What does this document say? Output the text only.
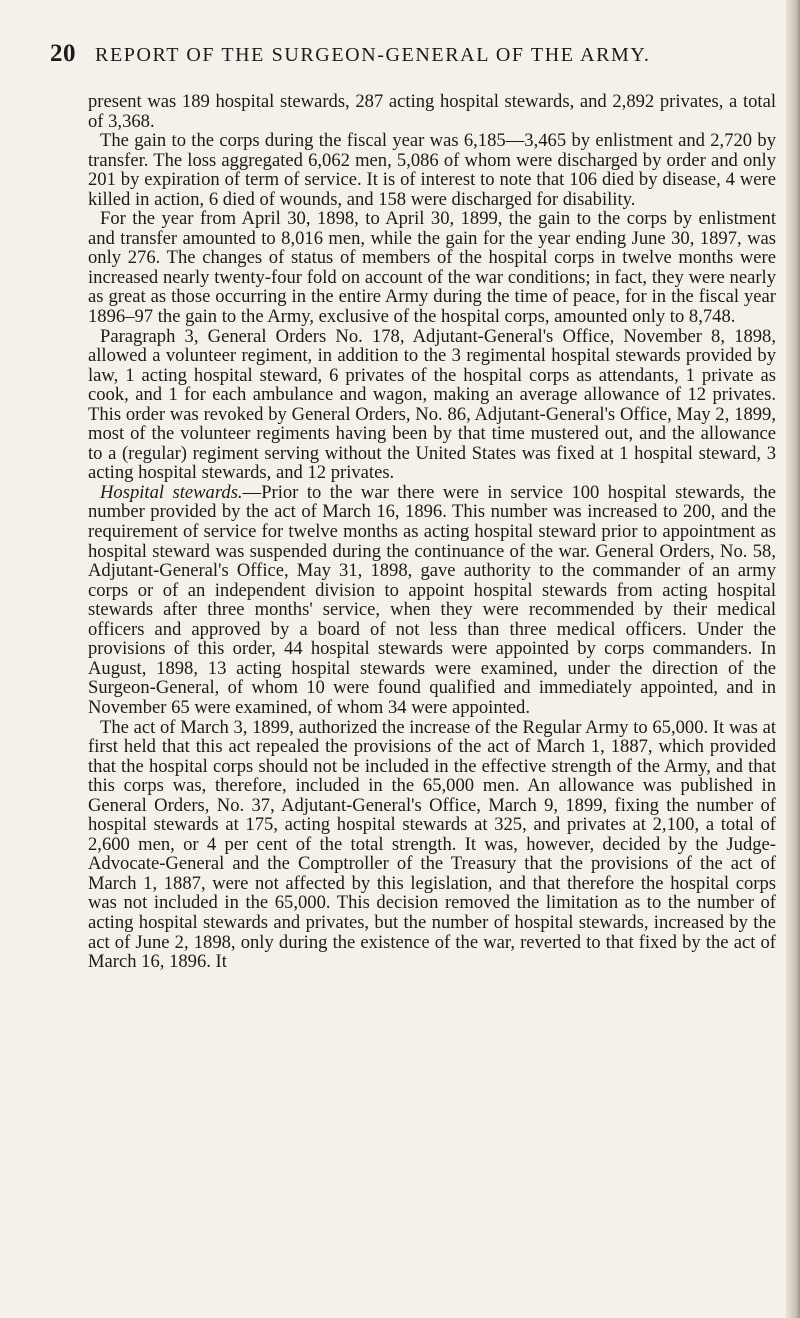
20 REPORT OF THE SURGEON-GENERAL OF THE ARMY.

present was 189 hospital stewards, 287 acting hospital stewards, and 2,892 privates, a total of 3,368.

The gain to the corps during the fiscal year was 6,185—3,465 by enlistment and 2,720 by transfer. The loss aggregated 6,062 men, 5,086 of whom were discharged by order and only 201 by expiration of term of service. It is of interest to note that 106 died by disease, 4 were killed in action, 6 died of wounds, and 158 were discharged for disability.

For the year from April 30, 1898, to April 30, 1899, the gain to the corps by enlistment and transfer amounted to 8,016 men, while the gain for the year ending June 30, 1897, was only 276. The changes of status of members of the hospital corps in twelve months were increased nearly twenty-four fold on account of the war conditions; in fact, they were nearly as great as those occurring in the entire Army during the time of peace, for in the fiscal year 1896–97 the gain to the Army, exclusive of the hospital corps, amounted only to 8,748.

Paragraph 3, General Orders No. 178, Adjutant-General's Office, November 8, 1898, allowed a volunteer regiment, in addition to the 3 regimental hospital stewards provided by law, 1 acting hospital steward, 6 privates of the hospital corps as attendants, 1 private as cook, and 1 for each ambulance and wagon, making an average allowance of 12 privates. This order was revoked by General Orders, No. 86, Adjutant-General's Office, May 2, 1899, most of the volunteer regiments having been by that time mustered out, and the allowance to a (regular) regiment serving without the United States was fixed at 1 hospital steward, 3 acting hospital stewards, and 12 privates.

Hospital stewards.—Prior to the war there were in service 100 hospital stewards, the number provided by the act of March 16, 1896. This number was increased to 200, and the requirement of service for twelve months as acting hospital steward prior to appointment as hospital steward was suspended during the continuance of the war. General Orders, No. 58, Adjutant-General's Office, May 31, 1898, gave authority to the commander of an army corps or of an independent division to appoint hospital stewards from acting hospital stewards after three months' service, when they were recommended by their medical officers and approved by a board of not less than three medical officers. Under the provisions of this order, 44 hospital stewards were appointed by corps commanders. In August, 1898, 13 acting hospital stewards were examined, under the direction of the Surgeon-General, of whom 10 were found qualified and immediately appointed, and in November 65 were examined, of whom 34 were appointed.

The act of March 3, 1899, authorized the increase of the Regular Army to 65,000. It was at first held that this act repealed the provisions of the act of March 1, 1887, which provided that the hospital corps should not be included in the effective strength of the Army, and that this corps was, therefore, included in the 65,000 men. An allowance was published in General Orders, No. 37, Adjutant-General's Office, March 9, 1899, fixing the number of hospital stewards at 175, acting hospital stewards at 325, and privates at 2,100, a total of 2,600 men, or 4 per cent of the total strength. It was, however, decided by the Judge-Advocate-General and the Comptroller of the Treasury that the provisions of the act of March 1, 1887, were not affected by this legislation, and that therefore the hospital corps was not included in the 65,000. This decision removed the limitation as to the number of acting hospital stewards and privates, but the number of hospital stewards, increased by the act of June 2, 1898, only during the existence of the war, reverted to that fixed by the act of March 16, 1896. It
